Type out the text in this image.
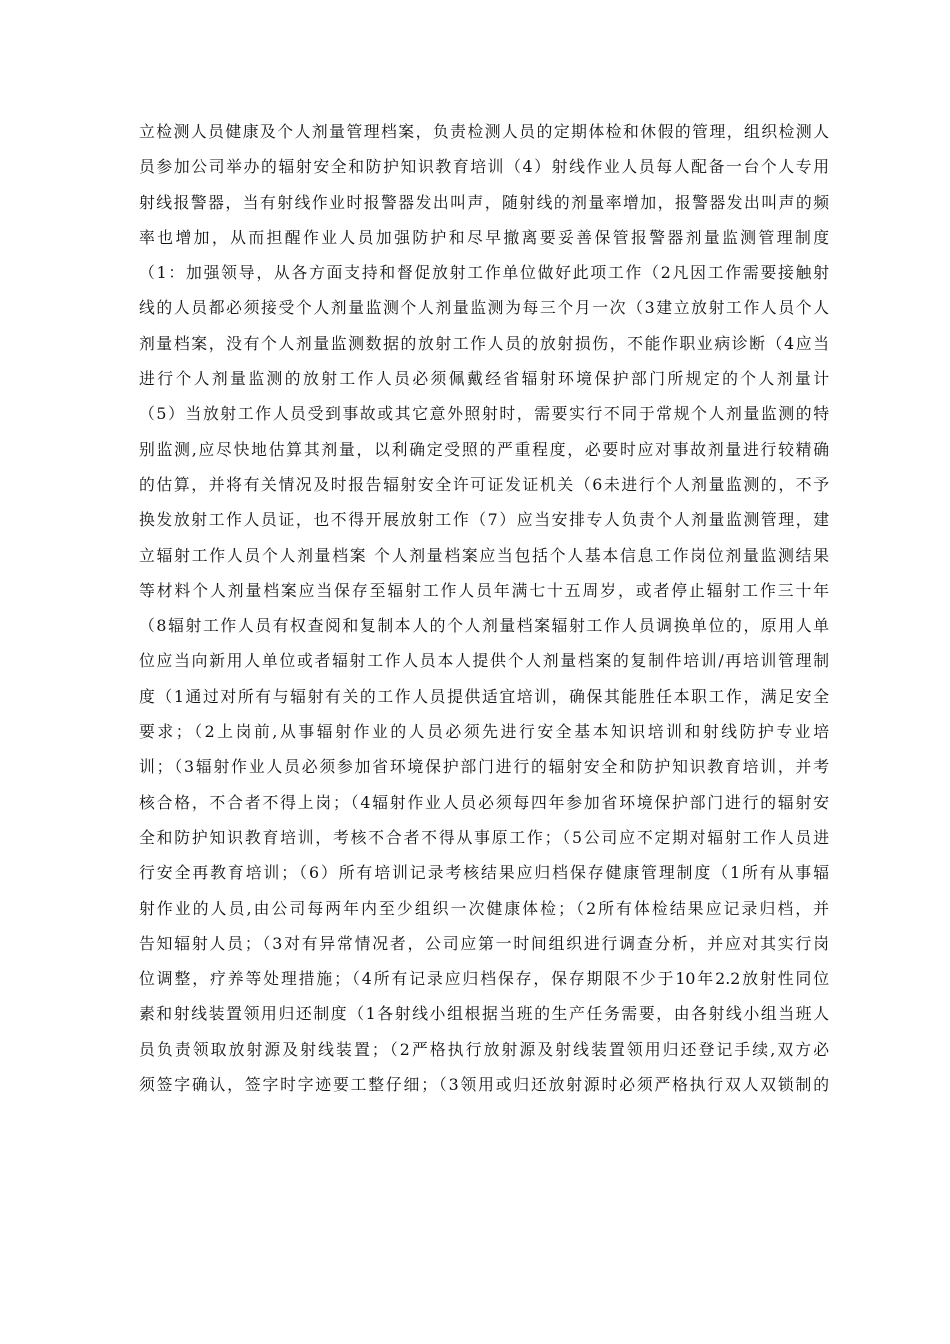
立检测人员健康及个人剂量管理档案，负责检测人员的定期体检和休假的管理，组织检测人
员参加公司举办的辐射安全和防护知识教育培训（4）射线作业人员每人配备一台个人专用
射线报警器，当有射线作业时报警器发出叫声，随射线的剂量率增加，报警器发出叫声的频
率也增加，从而担醒作业人员加强防护和尽早撤离要妥善保管报警器剂量监测管理制度
（1：加强领导，从各方面支持和督促放射工作单位做好此项工作（2凡因工作需要接触射
线的人员都必须接受个人剂量监测个人剂量监测为每三个月一次（3建立放射工作人员个人
剂量档案，没有个人剂量监测数据的放射工作人员的放射损伤，不能作职业病诊断（4应当
进行个人剂量监测的放射工作人员必须佩戴经省辐射环境保护部门所规定的个人剂量计
（5）当放射工作人员受到事故或其它意外照射时，需要实行不同于常规个人剂量监测的特
别监测,应尽快地估算其剂量，以利确定受照的严重程度，必要时应对事故剂量进行较精确
的估算，并将有关情况及时报告辐射安全许可证发证机关（6未进行个人剂量监测的，不予
换发放射工作人员证，也不得开展放射工作（7）应当安排专人负责个人剂量监测管理，建
立辐射工作人员个人剂量档案 个人剂量档案应当包括个人基本信息工作岗位剂量监测结果
等材料个人剂量档案应当保存至辐射工作人员年满七十五周岁，或者停止辐射工作三十年
（8辐射工作人员有权查阅和复制本人的个人剂量档案辐射工作人员调换单位的，原用人单
位应当向新用人单位或者辐射工作人员本人提供个人剂量档案的复制件培训/再培训管理制
度（1通过对所有与辐射有关的工作人员提供适宜培训，确保其能胜任本职工作，满足安全
要求；（2上岗前,从事辐射作业的人员必须先进行安全基本知识培训和射线防护专业培
训；（3辐射作业人员必须参加省环境保护部门进行的辐射安全和防护知识教育培训，并考
核合格，不合者不得上岗；（4辐射作业人员必须每四年参加省环境保护部门进行的辐射安
全和防护知识教育培训，考核不合者不得从事原工作；（5公司应不定期对辐射工作人员进
行安全再教育培训；（6）所有培训记录考核结果应归档保存健康管理制度（1所有从事辐
射作业的人员,由公司每两年内至少组织一次健康体检；（2所有体检结果应记录归档，并
告知辐射人员；（3对有异常情况者，公司应第一时间组织进行调查分析，并应对其实行岗
位调整，疗养等处理措施；（4所有记录应归档保存，保存期限不少于10年2.2放射性同位
素和射线装置领用归还制度（1各射线小组根据当班的生产任务需要，由各射线小组当班人
员负责领取放射源及射线装置；（2严格执行放射源及射线装置领用归还登记手续,双方必
须签字确认，签字时字迹要工整仔细；（3领用或归还放射源时必须严格执行双人双锁制的
